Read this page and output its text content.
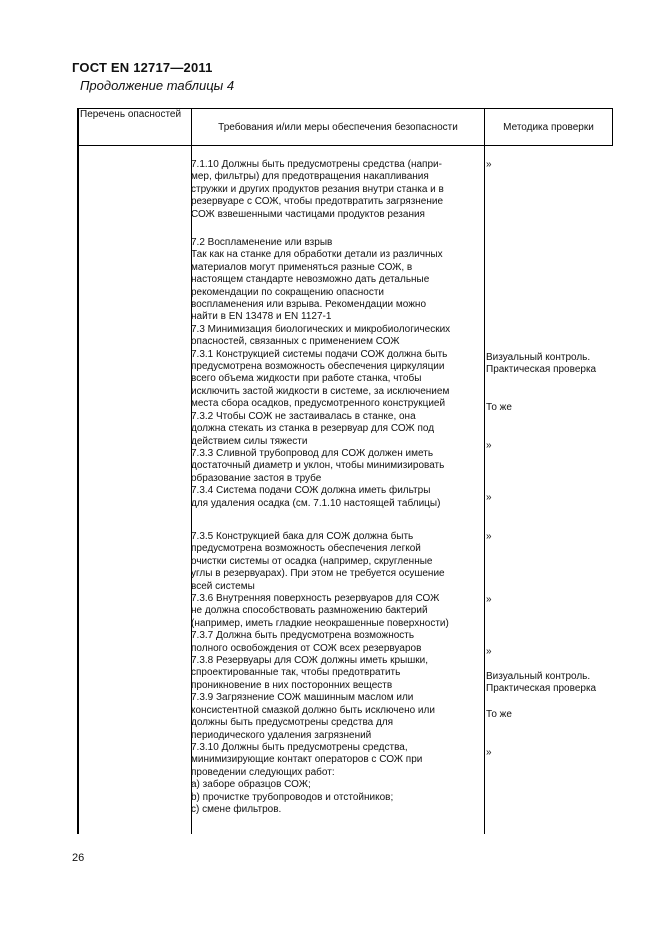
ГОСТ EN 12717—2011
Продолжение таблицы 4
Перечень опасностей
Требования и/или меры обеспечения безопасности	Методика проверки
7.1.10 Должны быть предусмотрены средства (напри-
мер, фильтры) для предотвращения накапливания
стружки и других продуктов резания внутри станка и в
резервуаре с СОЖ, чтобы предотвратить загрязнение
СОЖ взвешенными частицами продуктов резания
7.2 Воспламенение или взрыв
Так как на станке для обработки детали из различных
материалов могут применяться разные СОЖ, в
настоящем стандарте невозможно дать детальные
рекомендации по сокращению опасности
воспламенения или взрыва. Рекомендации можно
найти в EN 13478 и EN 1127-1
7.3 Минимизация биологических и микробиологических
опасностей, связанных с применением СОЖ
7.3.1 Конструкцией системы подачи СОЖ должна быть
предусмотрена возможность обеспечения циркуляции
всего объема жидкости при работе станка, чтобы
исключить застой жидкости в системе, за исключением
места сбора осадков, предусмотренного конструкцией
7.3.2 Чтобы СОЖ не застаивалась в станке, она
должна стекать из станка в резервуар для СОЖ под
действием силы тяжести
7.3.3 Сливной трубопровод для СОЖ должен иметь
достаточный диаметр и уклон, чтобы минимизировать
образование застоя в трубе
7.3.4 Система подачи СОЖ должна иметь фильтры
для удаления осадка (см. 7.1.10 настоящей таблицы)
7.3.5 Конструкцией бака для СОЖ должна быть
предусмотрена возможность обеспечения легкой
очистки системы от осадка (например, скругленные
углы в резервуарах). При этом не требуется осушение
всей системы
7.3.6 Внутренняя поверхность резервуаров для СОЖ
не должна способствовать размножению бактерий
(например, иметь гладкие неокрашенные поверхности)
7.3.7 Должна быть предусмотрена возможность
полного освобождения от СОЖ всех резервуаров
7.3.8 Резервуары для СОЖ должны иметь крышки,
спроектированные так, чтобы предотвратить
проникновение в них посторонних веществ
7.3.9 Загрязнение СОЖ машинным маслом или
консистентной смазкой должно быть исключено или
должны быть предусмотрены средства для
периодического удаления загрязнений
7.3.10 Должны быть предусмотрены средства,
минимизирующие контакт операторов с СОЖ при
проведении следующих работ:
a) заборе образцов СОЖ;
b) прочистке трубопроводов и отстойников;
c) смене фильтров.
»
Визуальный контроль.
Практическая проверка
То же
»
»
»
»
»
Визуальный контроль.
Практическая проверка
То же
»
26
